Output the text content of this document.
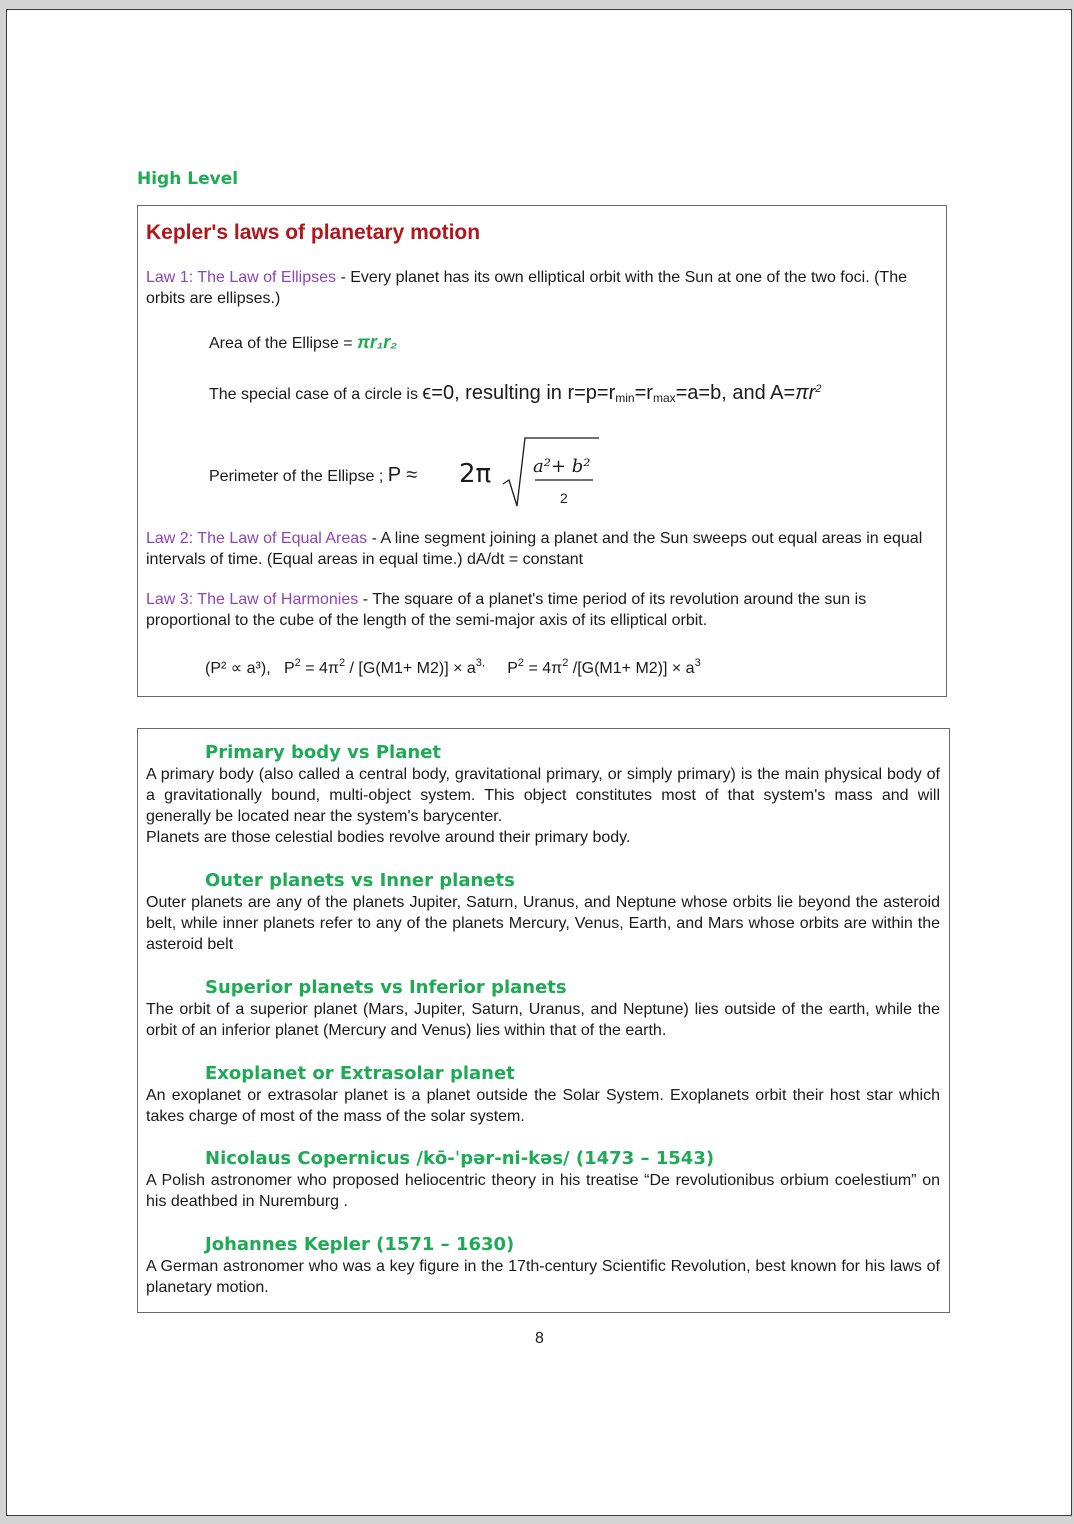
High Level
Kepler's laws of planetary motion
Law 1: The Law of Ellipses - Every planet has its own elliptical orbit with the Sun at one of the two foci. (The orbits are ellipses.)
Area of the Ellipse = πr₁r₂
The special case of a circle is ϵ=0, resulting in r=p=rmin=rmax=a=b, and $A=\pi r^2$
Perimeter of the Ellipse ; P ≈ 2π a²+ b²
2
Law 2: The Law of Equal Areas - A line segment joining a planet and the Sun sweeps out equal areas in equal intervals of time. (Equal areas in equal time.) dA/dt = constant
Law 3: The Law of Harmonies - The square of a planet's time period of its revolution around the sun is proportional to the cube of the length of the semi-major axis of its elliptical orbit.
(P² ∝ a³), $P^2 = 4\pi^2 / [G(M1+ M2)] \times a^{3,}$ $P^2 = 4\pi^2$ $/[G(M1+ M2)] \times a^3$
Primary body vs Planet
A primary body (also called a central body, gravitational primary, or simply primary) is the main physical body of a gravitationally bound, multi-object system. This object constitutes most of that system's mass and will generally be located near the system's barycenter.
Planets are those celestial bodies revolve around their primary body.
Outer planets vs Inner planets
Outer planets are any of the planets Jupiter, Saturn, Uranus, and Neptune whose orbits lie beyond the asteroid belt, while inner planets refer to any of the planets Mercury, Venus, Earth, and Mars whose orbits are within the asteroid belt
Superior planets vs Inferior planets
The orbit of a superior planet (Mars, Jupiter, Saturn, Uranus, and Neptune) lies outside of the earth, while the orbit of an inferior planet (Mercury and Venus) lies within that of the earth.
Exoplanet or Extrasolar planet
An exoplanet or extrasolar planet is a planet outside the Solar System. Exoplanets orbit their host star which takes charge of most of the mass of the solar system.
Nicolaus Copernicus /kō-ˈpər-ni-kəs/ (1473 – 1543)
A Polish astronomer who proposed heliocentric theory in his treatise “De revolutionibus orbium coelestium” on his deathbed in Nuremburg .
Johannes Kepler (1571 – 1630)
A German astronomer who was a key figure in the 17th-century Scientific Revolution, best known for his laws of planetary motion.
8
